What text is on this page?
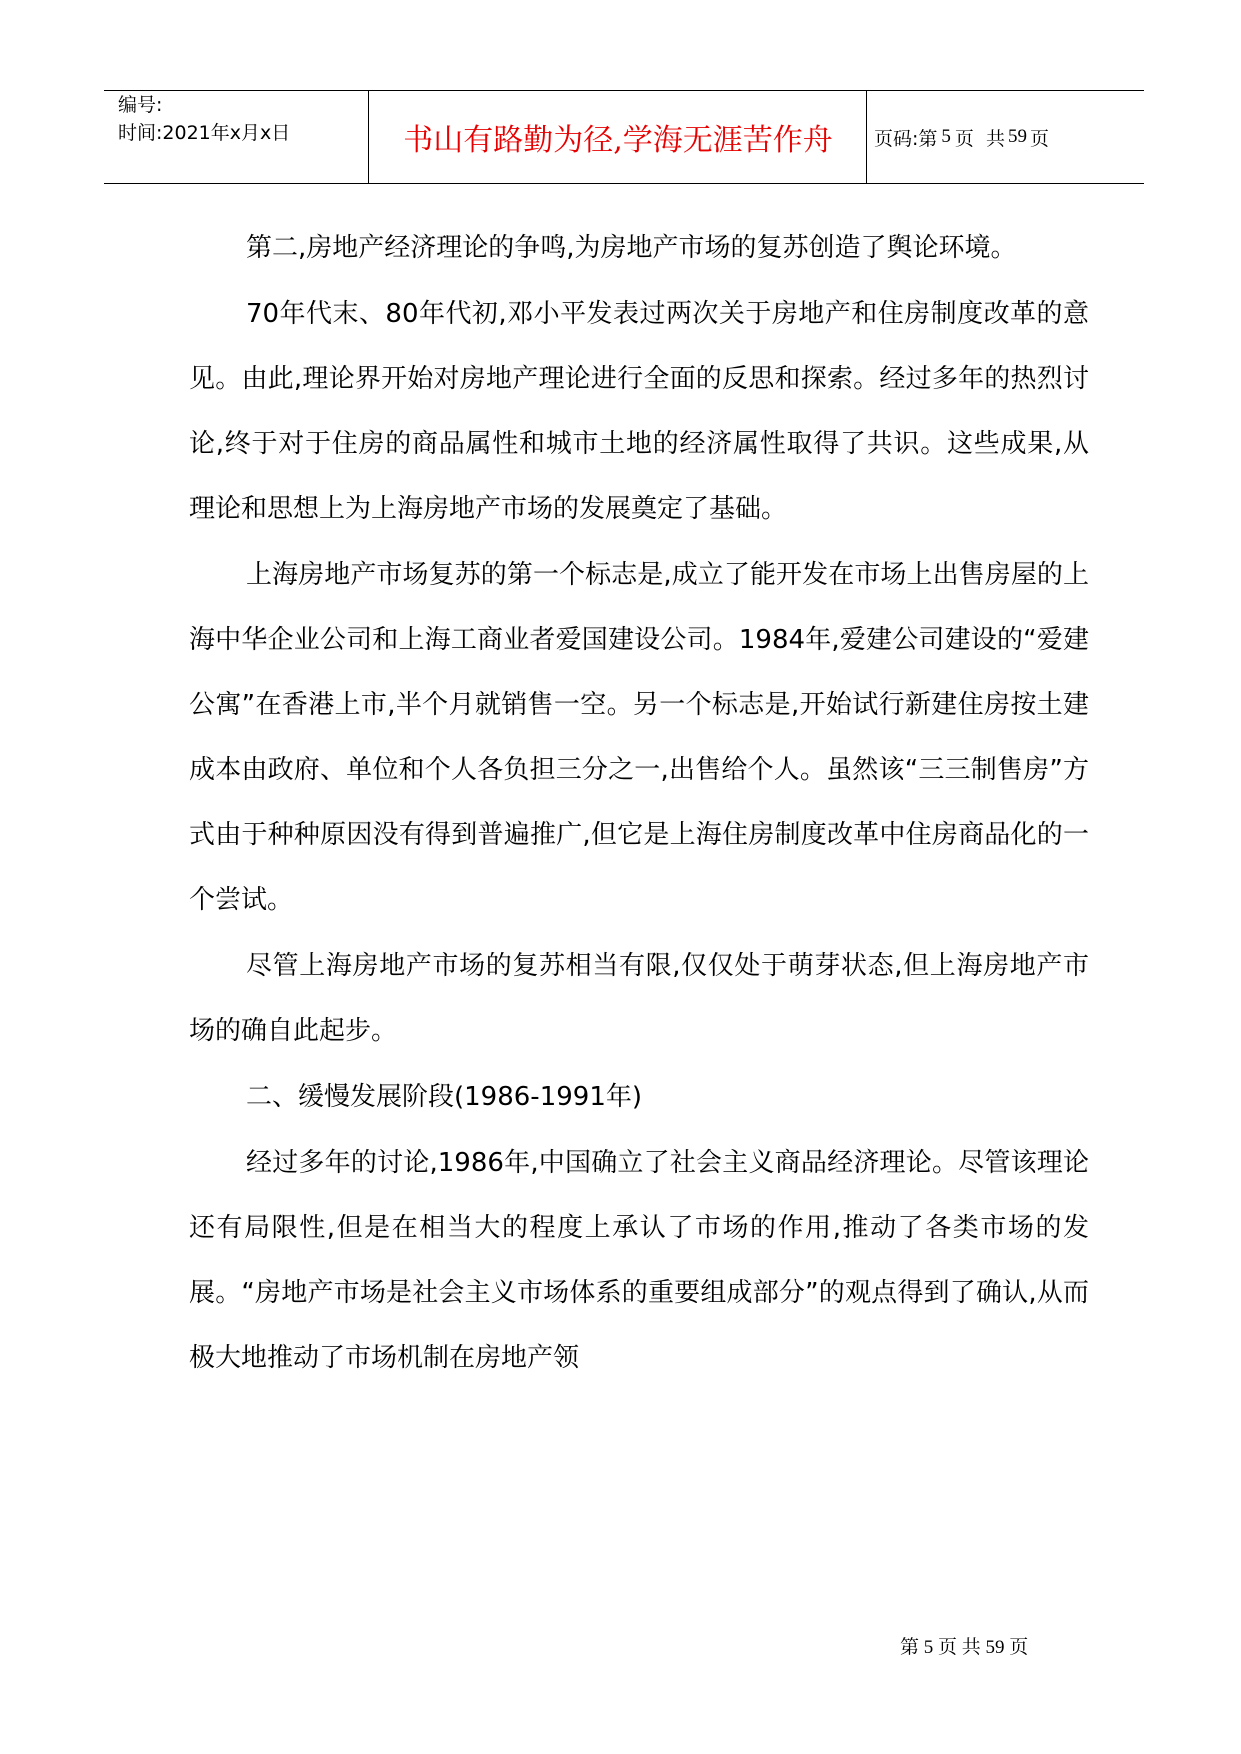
编号:
时间:2021年x月x日	书山有路勤为径,学海无涯苦作舟	页码:第 5 页  共 59 页

第二,房地产经济理论的争鸣,为房地产市场的复苏创造了舆论环境。

70年代末、80年代初,邓小平发表过两次关于房地产和住房制度改革的意见。由此,理论界开始对房地产理论进行全面的反思和探索。经过多年的热烈讨论,终于对于住房的商品属性和城市土地的经济属性取得了共识。这些成果,从理论和思想上为上海房地产市场的发展奠定了基础。

上海房地产市场复苏的第一个标志是,成立了能开发在市场上出售房屋的上海中华企业公司和上海工商业者爱国建设公司。1984年,爱建公司建设的“爱建公寓”在香港上市,半个月就销售一空。另一个标志是,开始试行新建住房按土建成本由政府、单位和个人各负担三分之一,出售给个人。虽然该“三三制售房”方式由于种种原因没有得到普遍推广,但它是上海住房制度改革中住房商品化的一个尝试。

尽管上海房地产市场的复苏相当有限,仅仅处于萌芽状态,但上海房地产市场的确自此起步。

二、缓慢发展阶段(1986-1991年)

经过多年的讨论,1986年,中国确立了社会主义商品经济理论。尽管该理论还有局限性,但是在相当大的程度上承认了市场的作用,推动了各类市场的发展。“房地产市场是社会主义市场体系的重要组成部分”的观点得到了确认,从而极大地推动了市场机制在房地产领

第 5 页 共 59 页
